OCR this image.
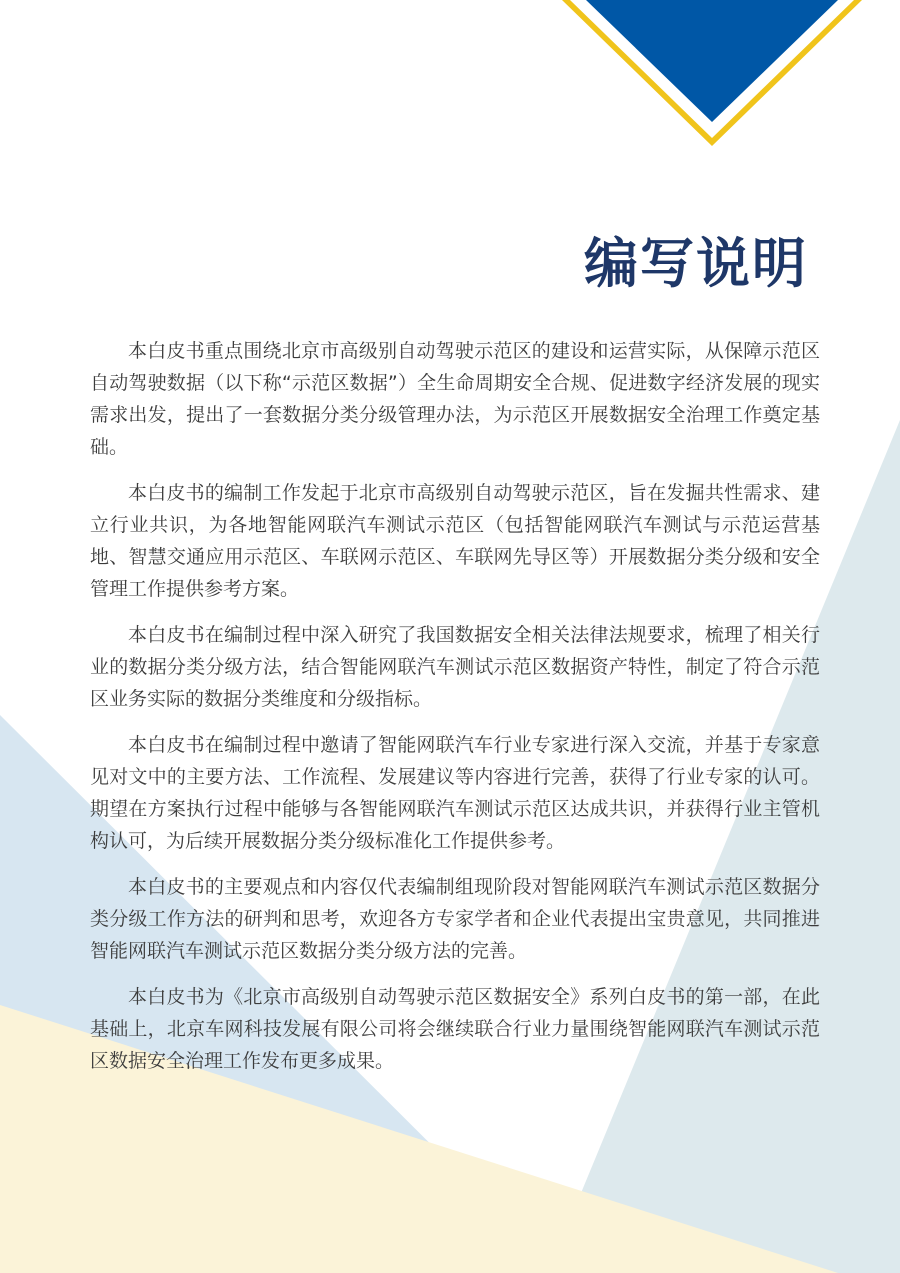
编写说明

本白皮书重点围绕北京市高级别自动驾驶示范区的建设和运营实际，从保障示范区自动驾驶数据（以下称“示范区数据”）全生命周期安全合规、促进数字经济发展的现实需求出发，提出了一套数据分类分级管理办法，为示范区开展数据安全治理工作奠定基础。

本白皮书的编制工作发起于北京市高级别自动驾驶示范区，旨在发掘共性需求、建立行业共识，为各地智能网联汽车测试示范区（包括智能网联汽车测试与示范运营基地、智慧交通应用示范区、车联网示范区、车联网先导区等）开展数据分类分级和安全管理工作提供参考方案。

本白皮书在编制过程中深入研究了我国数据安全相关法律法规要求，梳理了相关行业的数据分类分级方法，结合智能网联汽车测试示范区数据资产特性，制定了符合示范区业务实际的数据分类维度和分级指标。

本白皮书在编制过程中邀请了智能网联汽车行业专家进行深入交流，并基于专家意见对文中的主要方法、工作流程、发展建议等内容进行完善，获得了行业专家的认可。期望在方案执行过程中能够与各智能网联汽车测试示范区达成共识，并获得行业主管机构认可，为后续开展数据分类分级标准化工作提供参考。

本白皮书的主要观点和内容仅代表编制组现阶段对智能网联汽车测试示范区数据分类分级工作方法的研判和思考，欢迎各方专家学者和企业代表提出宝贵意见，共同推进智能网联汽车测试示范区数据分类分级方法的完善。

本白皮书为《北京市高级别自动驾驶示范区数据安全》系列白皮书的第一部，在此基础上，北京车网科技发展有限公司将会继续联合行业力量围绕智能网联汽车测试示范区数据安全治理工作发布更多成果。
